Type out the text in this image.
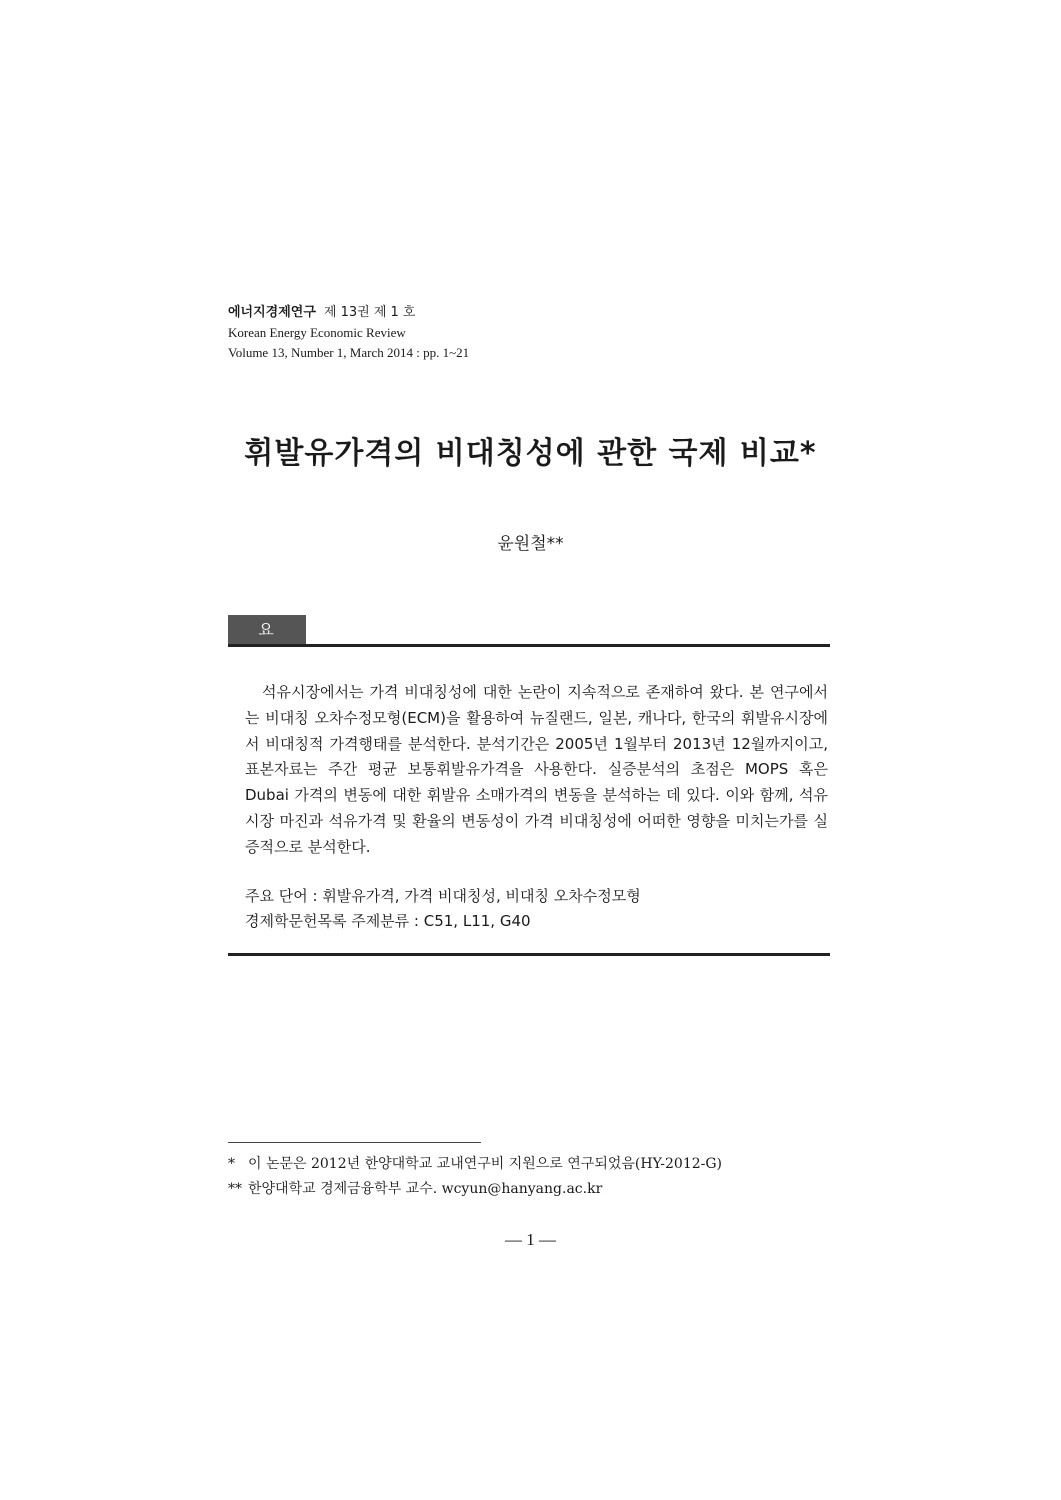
에너지경제연구 제 13권 제 1 호
Korean Energy Economic Review
Volume 13, Number 1, March 2014 : pp. 1~21
휘발유가격의 비대칭성에 관한 국제 비교*
윤원철**
요 약

석유시장에서는 가격 비대칭성에 대한 논란이 지속적으로 존재하여 왔다. 본 연구에서는 비대칭 오차수정모형(ECM)을 활용하여 뉴질랜드, 일본, 캐나다, 한국의 휘발유시장에서 비대칭적 가격행태를 분석한다. 분석기간은 2005년 1월부터 2013년 12월까지이고, 표본자료는 주간 평균 보통휘발유가격을 사용한다. 실증분석의 초점은 MOPS 혹은 Dubai 가격의 변동에 대한 휘발유 소매가격의 변동을 분석하는 데 있다. 이와 함께, 석유시장 마진과 석유가격 및 환율의 변동성이 가격 비대칭성에 어떠한 영향을 미치는가를 실증적으로 분석한다.

주요 단어 : 휘발유가격, 가격 비대칭성, 비대칭 오차수정모형
경제학문헌목록 주제분류 : C51, L11, G40
* 이 논문은 2012년 한양대학교 교내연구비 지원으로 연구되었음(HY-2012-G)
** 한양대학교 경제금융학부 교수. wcyun@hanyang.ac.kr
— 1 —
